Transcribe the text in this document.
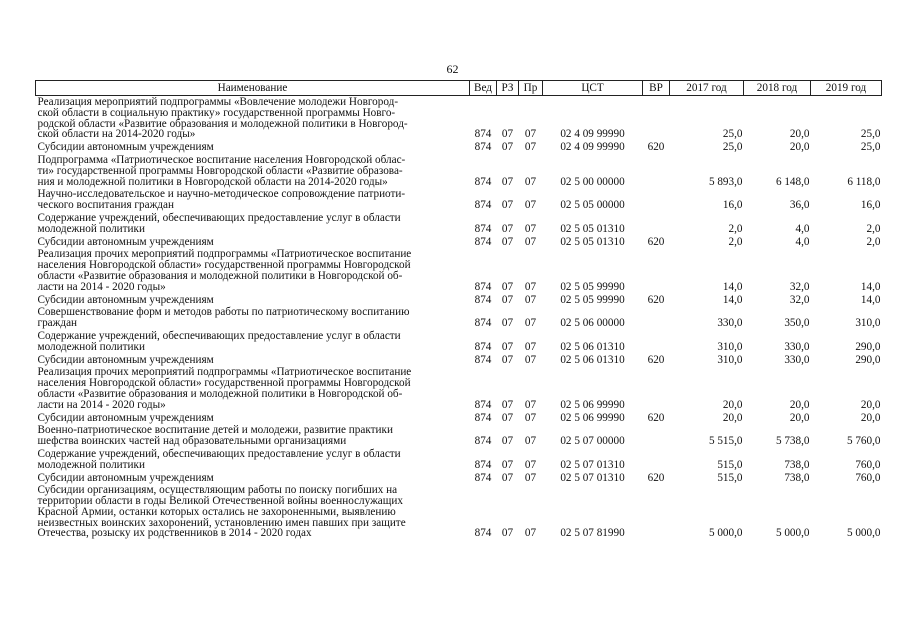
62
Наименование	Вед	РЗ	Пр	ЦСТ	ВР	2017 год	2018 год	2019 год

Реализация мероприятий подпрограммы «Вовлечение молодежи Новгород-
ской области в социальную практику» государственной программы Новго-
родской области «Развитие образования и молодежной политики в Новгород-
ской области на 2014-2020 годы»	874	07	07	02 4 09 99990		25,0	20,0	25,0

Субсидии автономным учреждениям	874	07	07	02 4 09 99990	620	25,0	20,0	25,0

Подпрограмма «Патриотическое воспитание населения Новгородской облас-
ти» государственной программы Новгородской области «Развитие образова-
ния и молодежной политики в Новгородской области на 2014-2020 годы»	874	07	07	02 5 00 00000		5 893,0	6 148,0	6 118,0

Научно-исследовательское и научно-методическое сопровождение патриоти-
ческого воспитания граждан	874	07	07	02 5 05 00000		16,0	36,0	16,0

Содержание учреждений, обеспечивающих предоставление услуг в области
молодежной политики	874	07	07	02 5 05 01310		2,0	4,0	2,0

Субсидии автономным учреждениям	874	07	07	02 5 05 01310	620	2,0	4,0	2,0

Реализация прочих мероприятий подпрограммы «Патриотическое воспитание
населения Новгородской области» государственной программы Новгородской
области «Развитие образования и молодежной политики в Новгородской об-
ласти на 2014 - 2020 годы»	874	07	07	02 5 05 99990		14,0	32,0	14,0

Субсидии автономным учреждениям	874	07	07	02 5 05 99990	620	14,0	32,0	14,0

Совершенствование форм и методов работы по патриотическому воспитанию
граждан	874	07	07	02 5 06 00000		330,0	350,0	310,0

Содержание учреждений, обеспечивающих предоставление услуг в области
молодежной политики	874	07	07	02 5 06 01310		310,0	330,0	290,0

Субсидии автономным учреждениям	874	07	07	02 5 06 01310	620	310,0	330,0	290,0

Реализация прочих мероприятий подпрограммы «Патриотическое воспитание
населения Новгородской области» государственной программы Новгородской
области «Развитие образования и молодежной политики в Новгородской об-
ласти на 2014 - 2020 годы»	874	07	07	02 5 06 99990		20,0	20,0	20,0

Субсидии автономным учреждениям	874	07	07	02 5 06 99990	620	20,0	20,0	20,0

Военно-патриотическое воспитание детей и молодежи, развитие практики
шефства воинских частей над образовательными организациями	874	07	07	02 5 07 00000		5 515,0	5 738,0	5 760,0

Содержание учреждений, обеспечивающих предоставление услуг в области
молодежной политики	874	07	07	02 5 07 01310		515,0	738,0	760,0

Субсидии автономным учреждениям	874	07	07	02 5 07 01310	620	515,0	738,0	760,0

Субсидии организациям, осуществляющим работы по поиску погибших на
территории области в годы Великой Отечественной войны военнослужащих
Красной Армии, останки которых остались не захороненными, выявлению
неизвестных воинских захоронений, установлению имен павших при защите
Отечества, розыску их родственников в 2014 - 2020 годах	874	07	07	02 5 07 81990		5 000,0	5 000,0	5 000,0
